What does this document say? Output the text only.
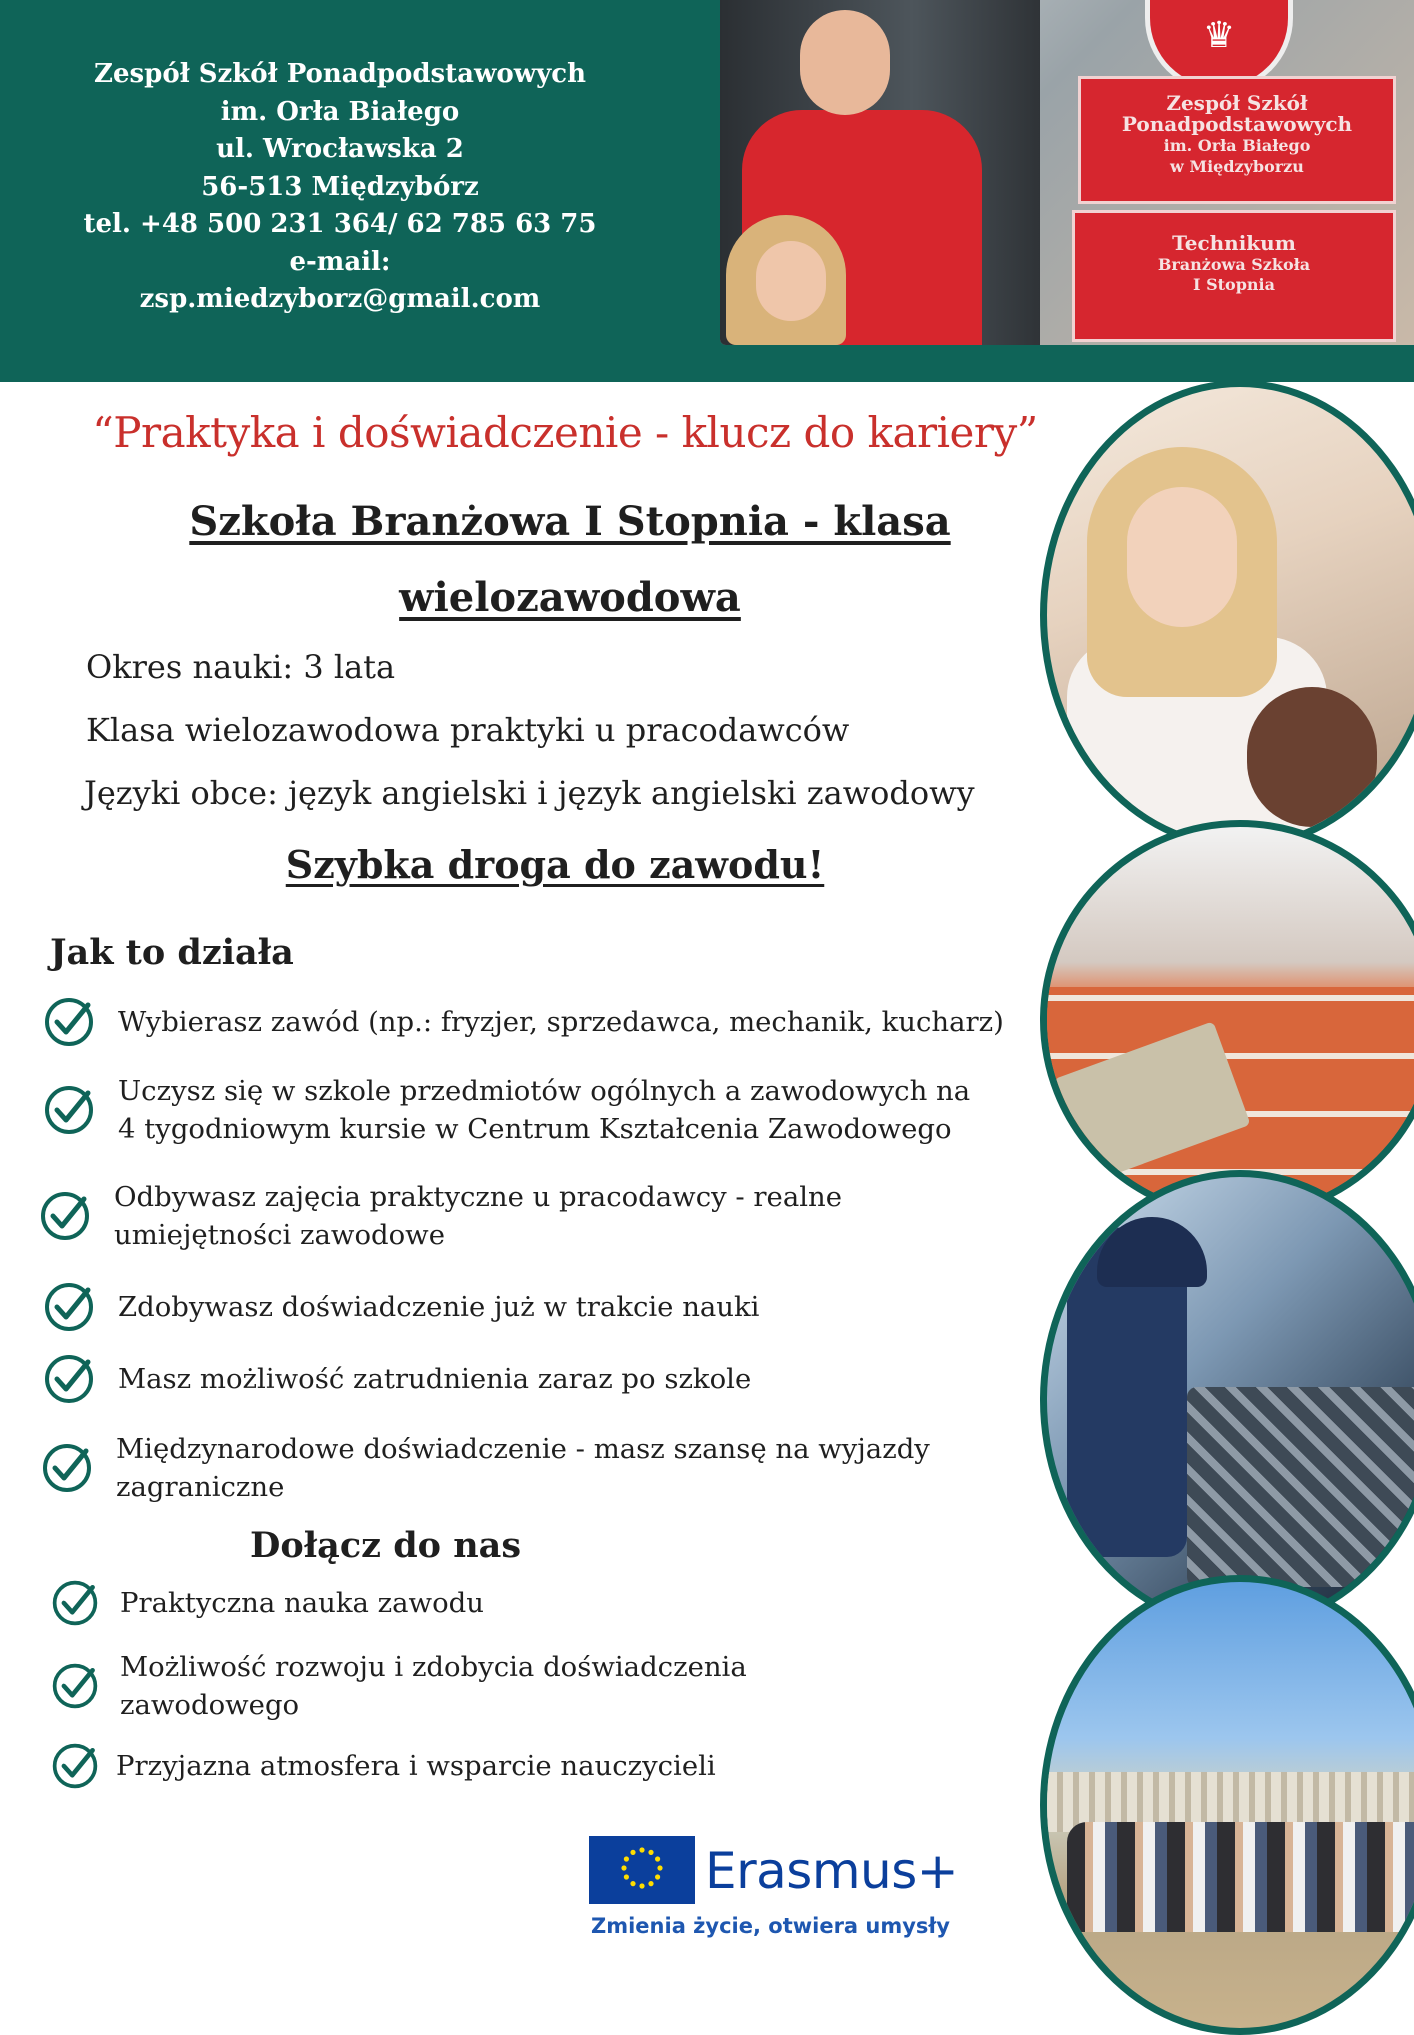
Zespół Szkół Ponadpodstawowych
im. Orła Białego
ul. Wrocławska 2
56-513 Międzybórz
tel. +48 500 231 364/ 62 785 63 75
e-mail:
zsp.miedzyborz@gmail.com
♛
Zespół Szkół
Ponadpodstawowych
im. Orła Białego
w Międzyborzu
Technikum
Branżowa Szkoła
I Stopnia
“Praktyka i doświadczenie - klucz do kariery”
Szkoła Branżowa I Stopnia - klasa
wielozawodowa
Okres nauki: 3 lata
Klasa wielozawodowa praktyki u pracodawców
Języki obce: język angielski i język angielski zawodowy
Szybka droga do zawodu!
Jak to działa
Wybierasz zawód (np.: fryzjer, sprzedawca, mechanik, kucharz)
Uczysz się w szkole przedmiotów ogólnych a zawodowych na
4 tygodniowym kursie w Centrum Kształcenia Zawodowego
Odbywasz zajęcia praktyczne u pracodawcy - realne
umiejętności zawodowe
Zdobywasz doświadczenie już w trakcie nauki
Masz możliwość zatrudnienia zaraz po szkole
Międzynarodowe doświadczenie - masz szansę na wyjazdy
zagraniczne
Dołącz do nas
Praktyczna nauka zawodu
Możliwość rozwoju i zdobycia doświadczenia
zawodowego
Przyjazna atmosfera i wsparcie nauczycieli
Erasmus+
Zmienia życie, otwiera umysły
